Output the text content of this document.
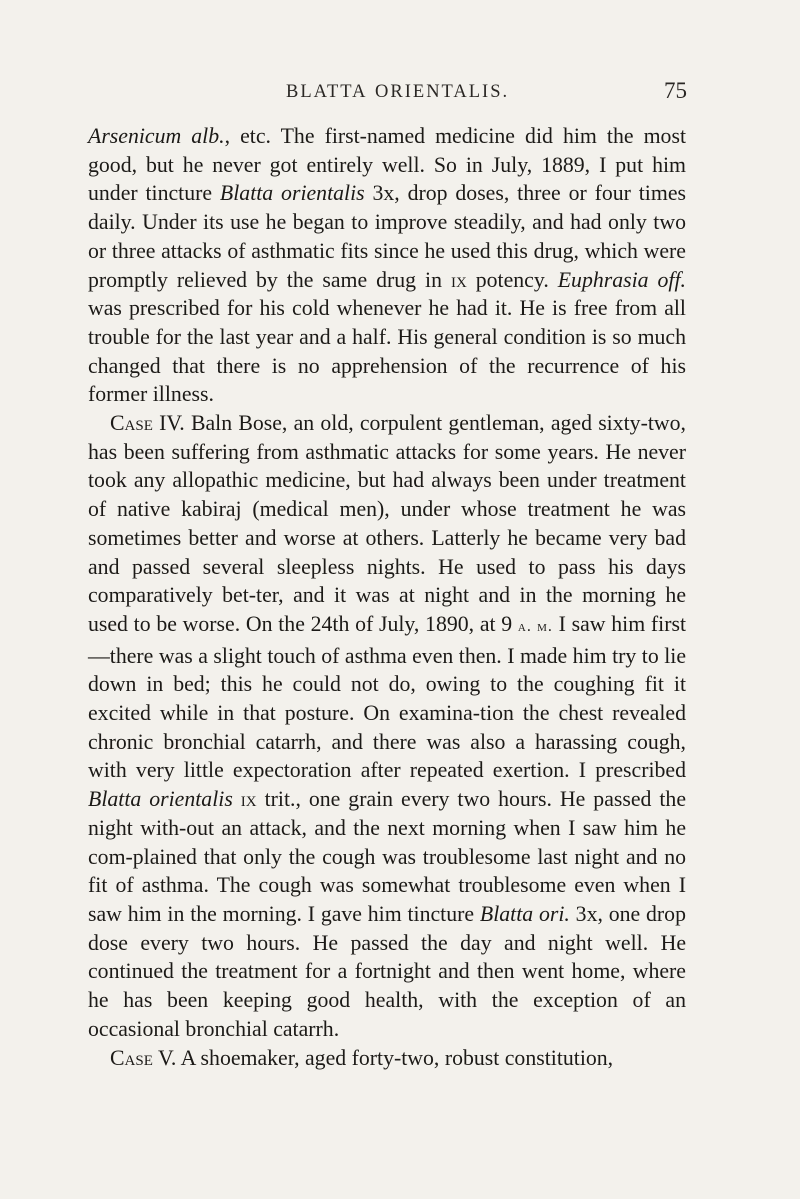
BLATTA ORIENTALIS.	75

Arsenicum alb., etc. The first-named medicine did him the most good, but he never got entirely well. So in July, 1889, I put him under tincture Blatta orientalis 3x, drop doses, three or four times daily. Under its use he began to improve steadily, and had only two or three attacks of asthmatic fits since he used this drug, which were promptly relieved by the same drug in ix potency. Euphrasia off. was prescribed for his cold whenever he had it. He is free from all trouble for the last year and a half. His general condition is so much changed that there is no apprehension of the recurrence of his former illness.

Case IV. Baln Bose, an old, corpulent gentleman, aged sixty-two, has been suffering from asthmatic attacks for some years. He never took any allopathic medicine, but had always been under treatment of native kabiraj (medical men), under whose treatment he was sometimes better and worse at others. Latterly he became very bad and passed several sleepless nights. He used to pass his days comparatively bet-ter, and it was at night and in the morning he used to be worse. On the 24th of July, 1890, at 9 a. m. I saw him first —there was a slight touch of asthma even then. I made him try to lie down in bed; this he could not do, owing to the coughing fit it excited while in that posture. On examina-tion the chest revealed chronic bronchial catarrh, and there was also a harassing cough, with very little expectoration after repeated exertion. I prescribed Blatta orientalis ix trit., one grain every two hours. He passed the night with-out an attack, and the next morning when I saw him he com-plained that only the cough was troublesome last night and no fit of asthma. The cough was somewhat troublesome even when I saw him in the morning. I gave him tincture Blatta ori. 3x, one drop dose every two hours. He passed the day and night well. He continued the treatment for a fortnight and then went home, where he has been keeping good health, with the exception of an occasional bronchial catarrh.

Case V. A shoemaker, aged forty-two, robust constitution,
